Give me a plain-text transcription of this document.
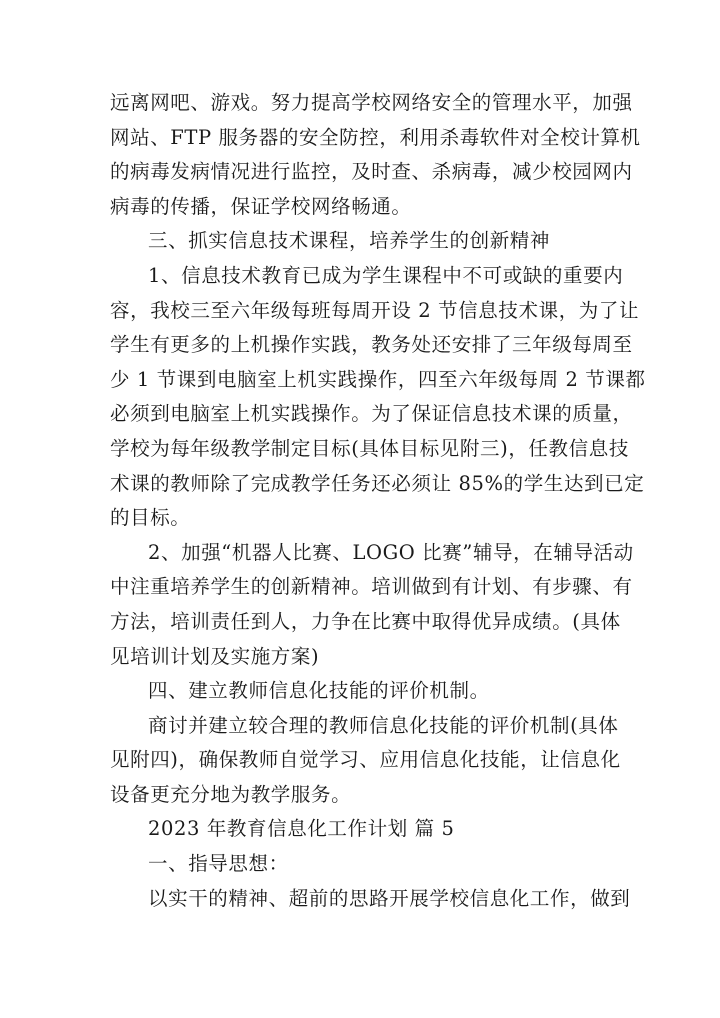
远离网吧、游戏。努力提高学校网络安全的管理水平，加强
网站、FTP 服务器的安全防控，利用杀毒软件对全校计算机
的病毒发病情况进行监控，及时查、杀病毒，减少校园网内
病毒的传播，保证学校网络畅通。
三、抓实信息技术课程，培养学生的创新精神
1、信息技术教育已成为学生课程中不可或缺的重要内
容，我校三至六年级每班每周开设 2 节信息技术课，为了让
学生有更多的上机操作实践，教务处还安排了三年级每周至
少 1 节课到电脑室上机实践操作，四至六年级每周 2 节课都
必须到电脑室上机实践操作。为了保证信息技术课的质量，
学校为每年级教学制定目标(具体目标见附三)，任教信息技
术课的教师除了完成教学任务还必须让 85%的学生达到已定
的目标。
2、加强“机器人比赛、LOGO 比赛”辅导，在辅导活动
中注重培养学生的创新精神。培训做到有计划、有步骤、有
方法，培训责任到人，力争在比赛中取得优异成绩。(具体
见培训计划及实施方案)
四、建立教师信息化技能的评价机制。
商讨并建立较合理的教师信息化技能的评价机制(具体
见附四)，确保教师自觉学习、应用信息化技能，让信息化
设备更充分地为教学服务。
2023 年教育信息化工作计划 篇 5
一、指导思想：
以实干的精神、超前的思路开展学校信息化工作，做到
